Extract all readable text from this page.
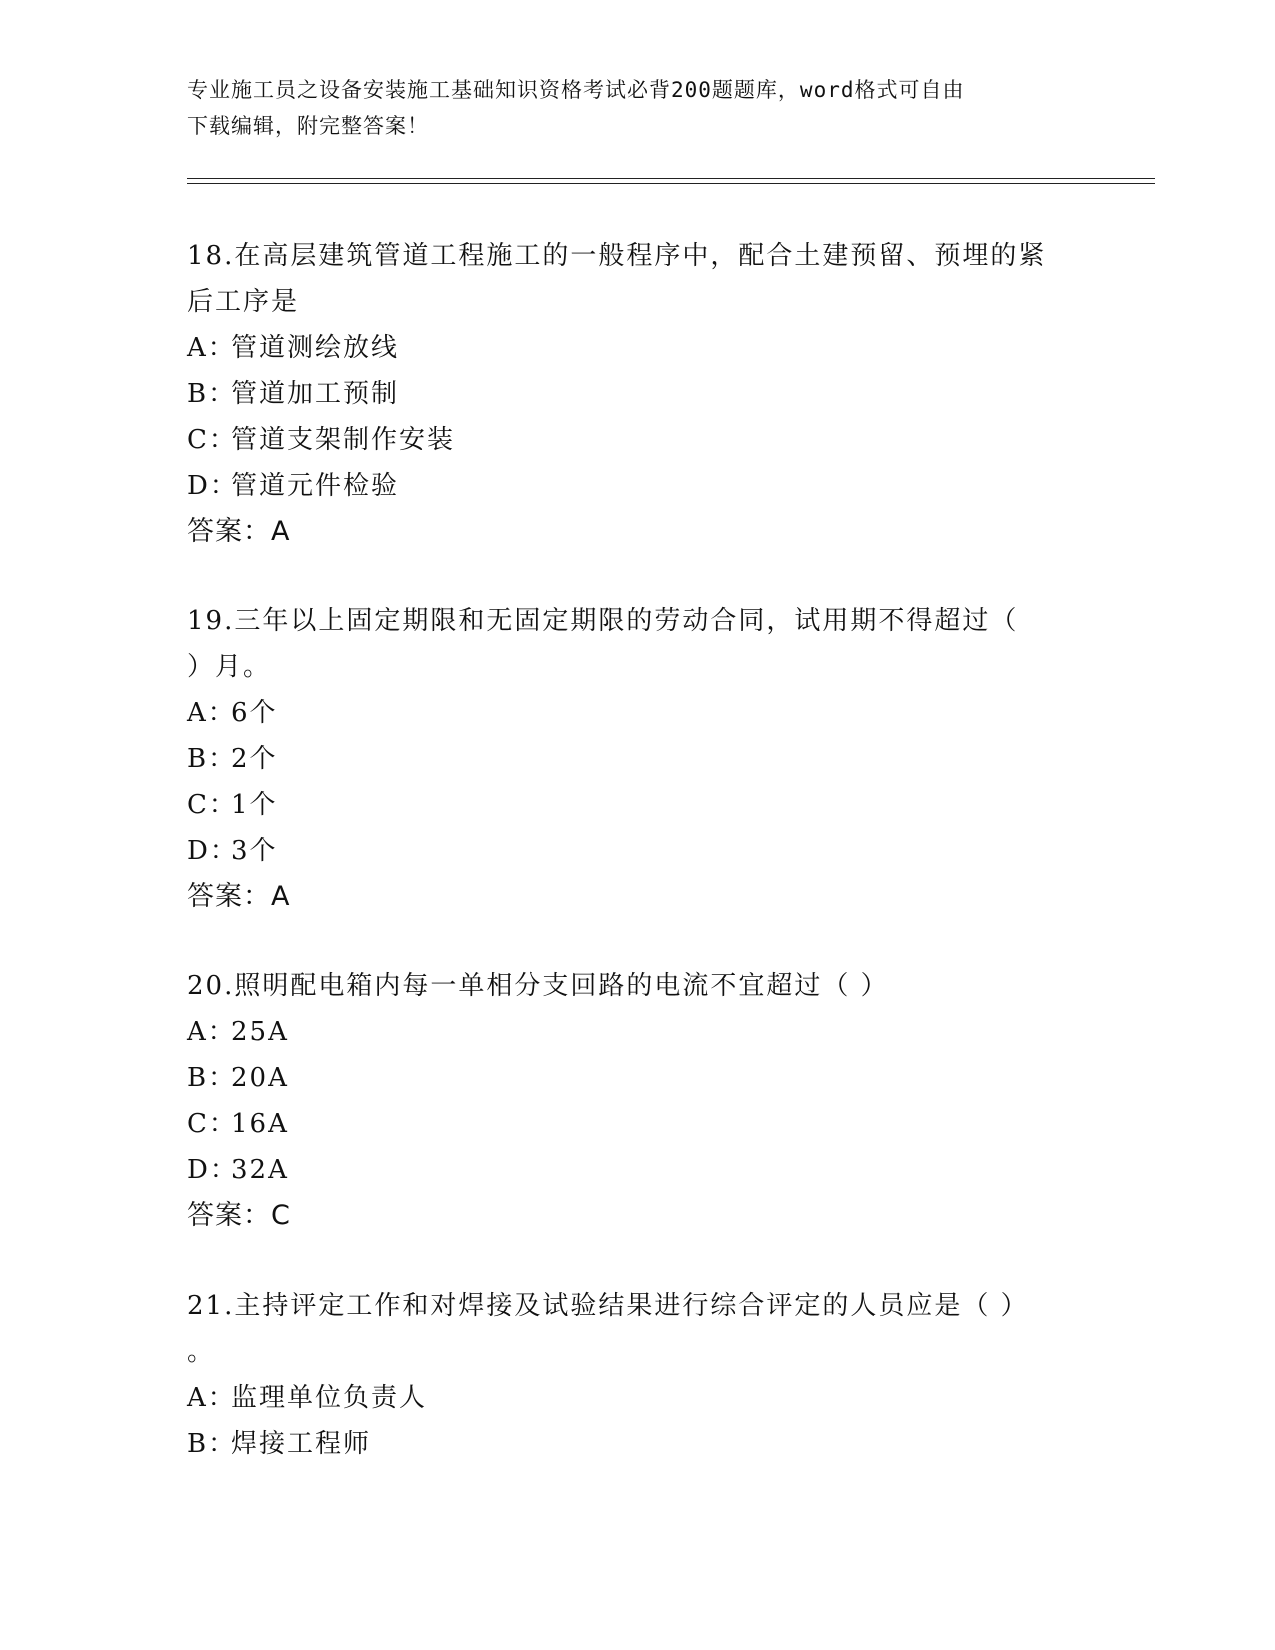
专业施工员之设备安装施工基础知识资格考试必背200题题库，word格式可自由
下载编辑，附完整答案！

18.在高层建筑管道工程施工的一般程序中，配合土建预留、预埋的紧

后工序是

A：
管道测绘放线
B：
管道加工预制
C：
管道支架制作安装
D：
管道元件检验
答案：A

19.三年以上固定期限和无固定期限的劳动合同，试用期不得超过（

）月。

A：
6个
B：
2个
C：
1个
D：
3个
答案：A

20.照明配电箱内每一单相分支回路的电流不宜超过（ ）

A：
25A
B：
20A
C：
16A
D：
32A
答案：C

21.主持评定工作和对焊接及试验结果进行综合评定的人员应是（ ）

。

A：
监理单位负责人
B：
焊接工程师
